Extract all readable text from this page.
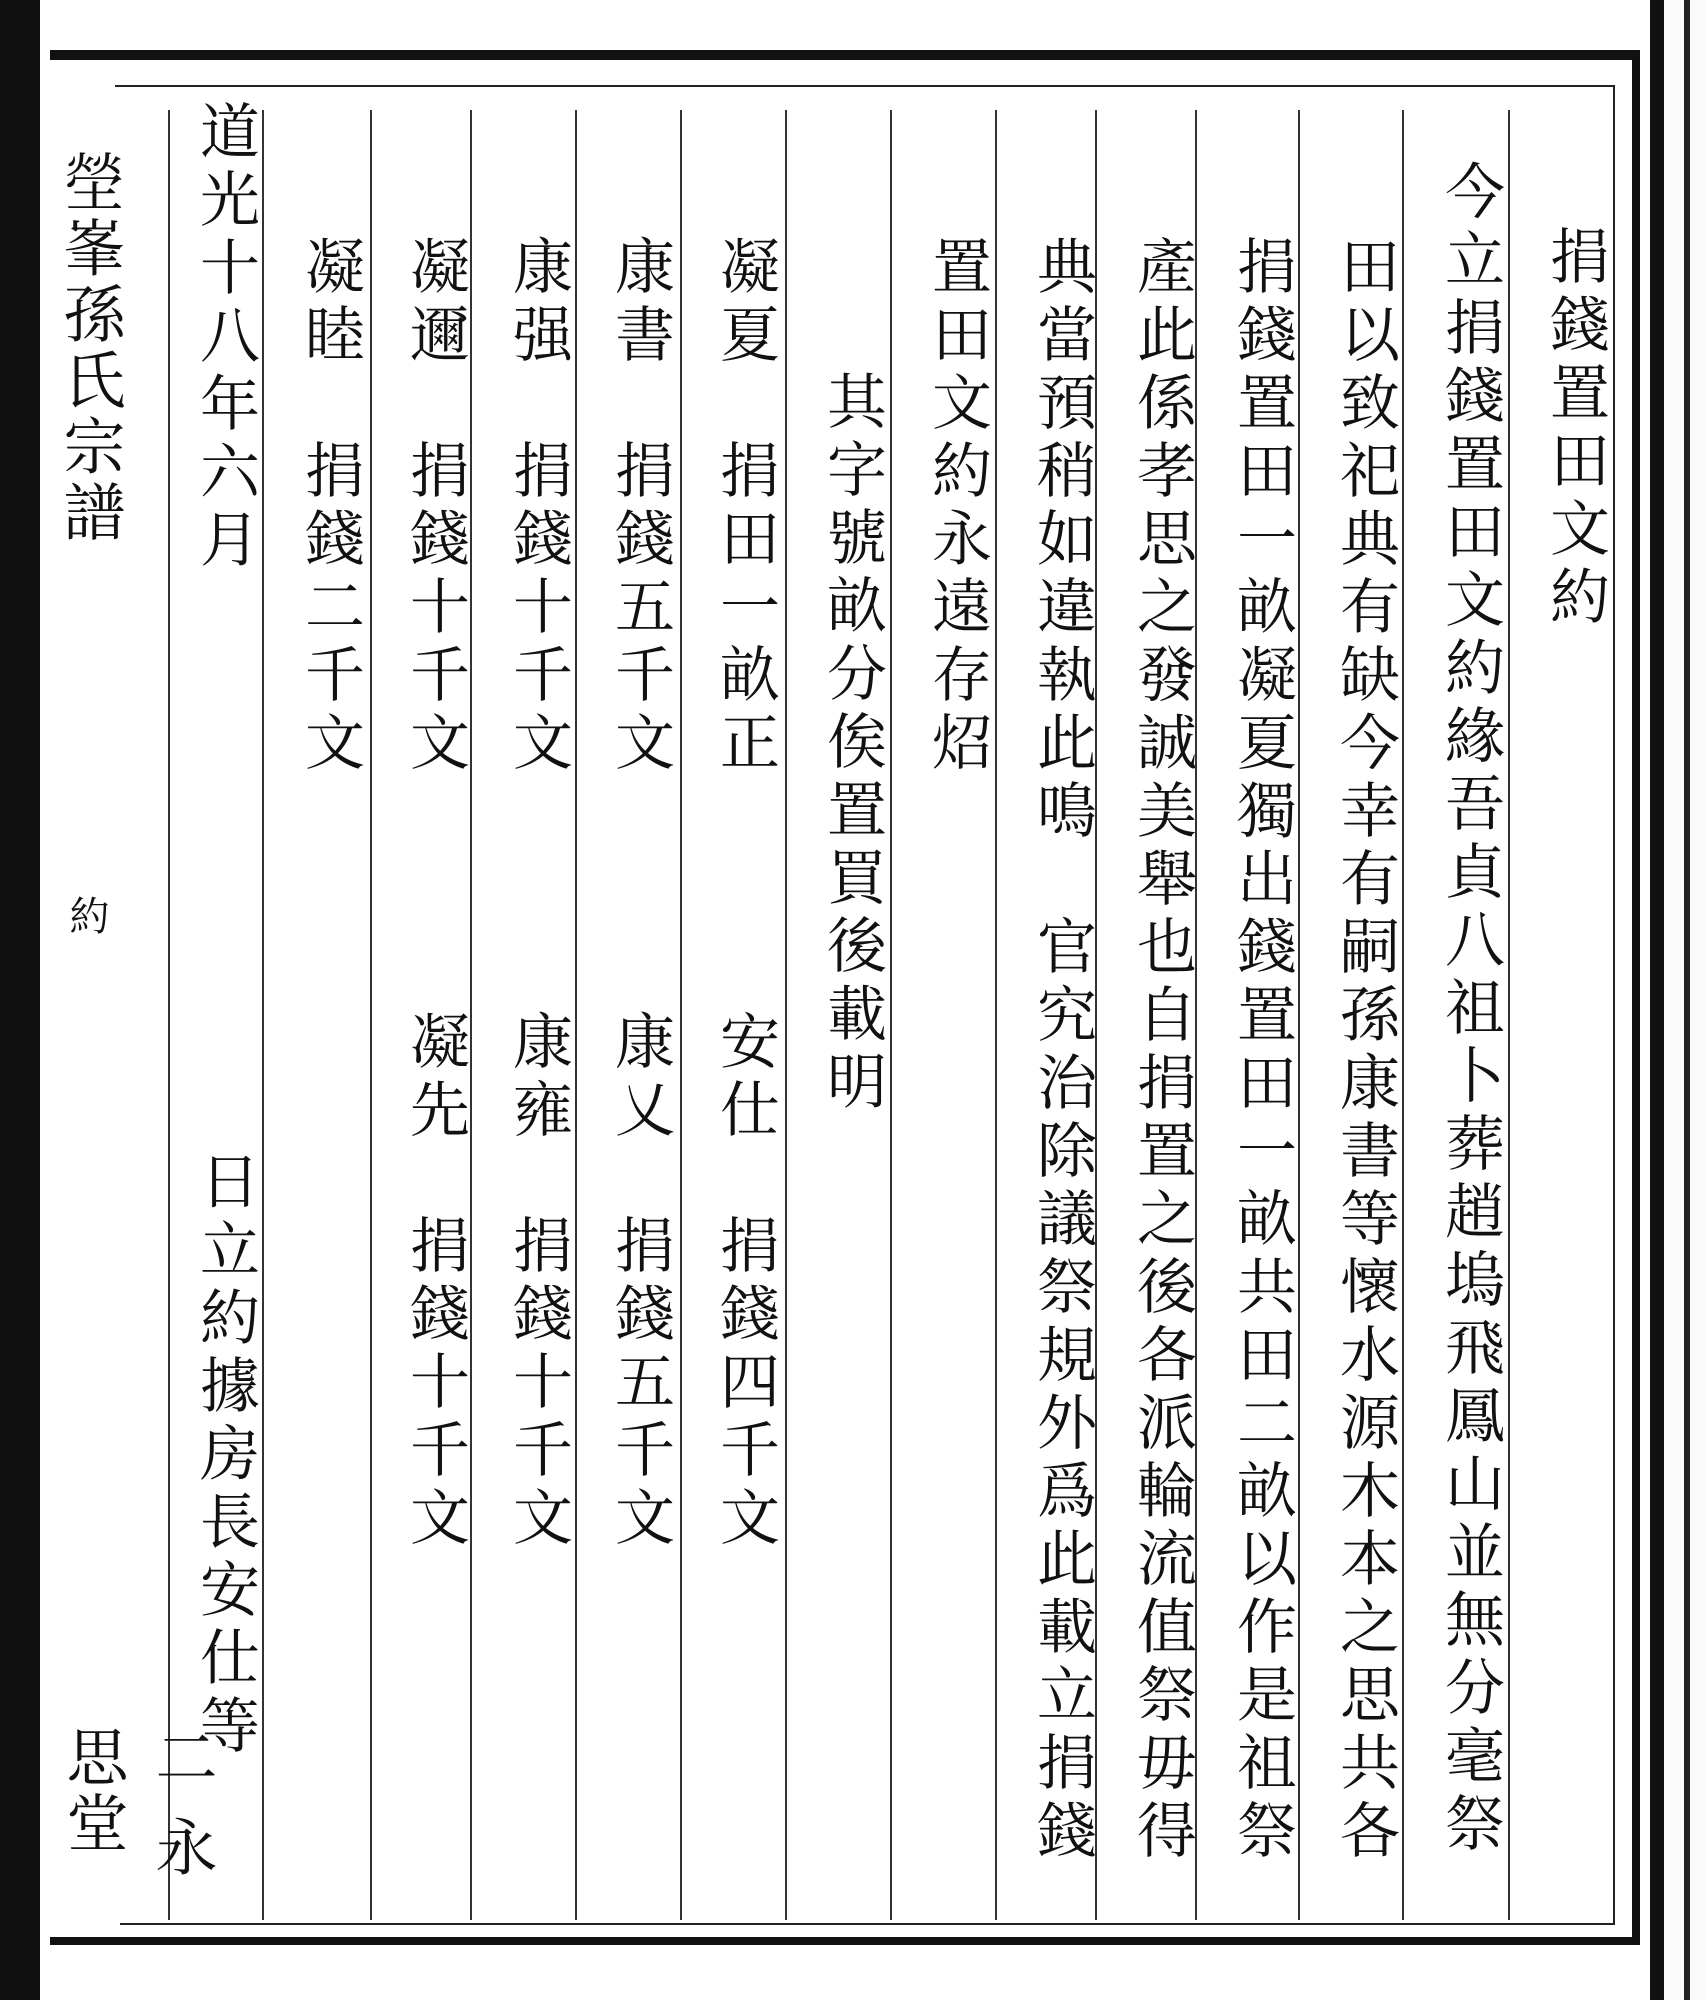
塋峯孫氏宗譜
約
二 永思堂
捐錢置田文約
今立捐錢置田文約緣吾貞八祖卜葬趙塢飛鳳山並無分毫祭
田以致祀典有缺今幸有嗣孫康書等懷水源木本之思共各
捐錢置田一畝凝夏獨出錢置田一畝共田二畝以作是祖祭
產此係孝思之發誠美舉也自捐置之後各派輪流值祭毋得
典當預稍如違執此鳴　官究治除議祭規外爲此載立捐錢
置田文約永遠存炤
其字號畝分俟置買後載明
凝夏　捐田一畝正
安仕　捐錢四千文
康書　捐錢五千文
康乂　捐錢五千文
康强　捐錢十千文
康雍　捐錢十千文
凝邇　捐錢十千文
凝先　捐錢十千文
凝睦　捐錢二千文
道光十八年六月
日立約據房長安仕等
